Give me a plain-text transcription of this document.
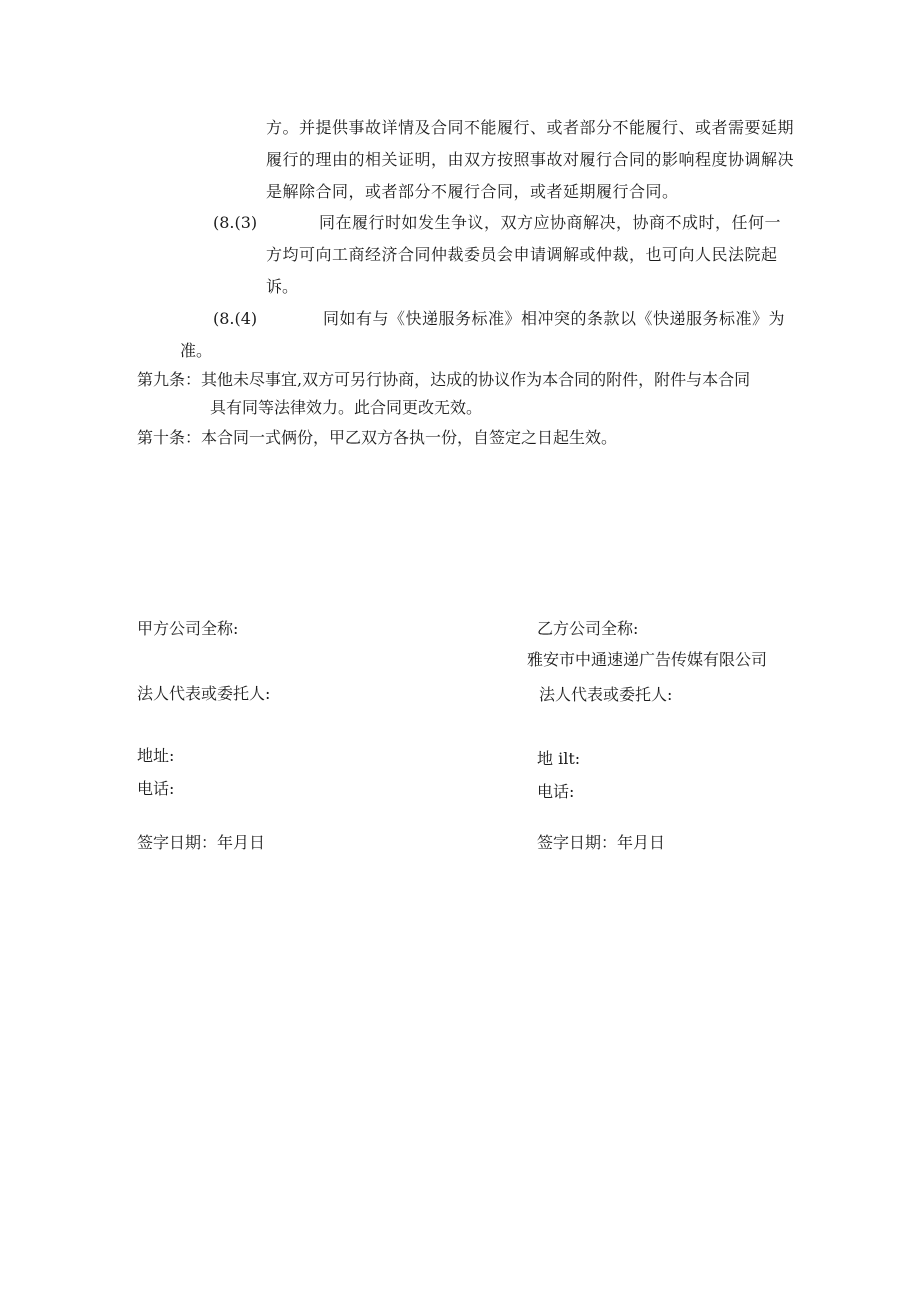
方。并提供事故详情及合同不能履行、或者部分不能履行、或者需要延期
履行的理由的相关证明，由双方按照事故对履行合同的影响程度协调解决
是解除合同，或者部分不履行合同，或者延期履行合同。
(8.(3)	同在履行时如发生争议，双方应协商解决，协商不成时，任何一
方均可向工商经济合同仲裁委员会申请调解或仲裁，也可向人民法院起
诉。
(8.(4)	同如有与《快递服务标准》相冲突的条款以《快递服务标准》为
准。
第九条：其他未尽事宜,双方可另行协商，达成的协议作为本合同的附件，附件与本合同
具有同等法律效力。此合同更改无效。
第十条：本合同一式俩份，甲乙双方各执一份，自签定之日起生效。
甲方公司全称:
法人代表或委托人:
地址:
电话:
签字日期：年月日
乙方公司全称:
雅安市中通速递广告传媒有限公司
法人代表或委托人:
地 ilt:
电话:
签字日期：年月日
